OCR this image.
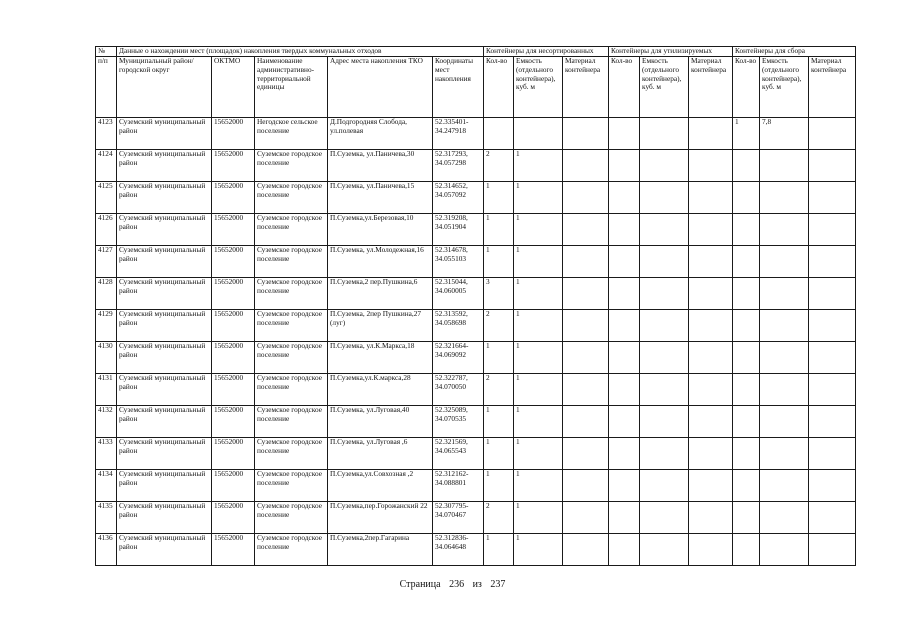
№	Данные о нахождении мест (площадок) накопления твердых коммунальных отходов					Контейнеры для несортированных			Контейнеры для утилизируемых			Контейнеры для сбора		
п/п	Муниципальный район/городской округ	ОКТМО	Наименование административно-территориальной единицы	Адрес места накопления ТКО	Координаты мест накопления	Кол-во	Емкость (отдельного контейнера), куб. м	Материал контейнера	Кол-во	Емкость (отдельного контейнера), куб. м	Материал контейнера	Кол-во	Емкость (отдельного контейнера), куб. м	Материал контейнера
4123	Суземский муниципальный район	15652000	Негодское сельское поселение	Д.Подгородняя Слобода, ул.полевая	52.335401-34.247918							1	7,8	
4124	Суземский муниципальный район	15652000	Суземское городское поселение	П.Суземка, ул.Паничева,30	52.317293, 34.057298	2	1							
4125	Суземский муниципальный район	15652000	Суземское городское поселение	П.Суземка, ул.Паничева,15	52.314652, 34.057092	1	1							
4126	Суземский муниципальный район	15652000	Суземское городское поселение	П.Суземка,ул.Березовая,10	52.319208, 34.051904	1	1							
4127	Суземский муниципальный район	15652000	Суземское городское поселение	П.Суземка, ул.Молодежная,16	52.314678, 34.055103	1	1							
4128	Суземский муниципальный район	15652000	Суземское городское поселение	П.Суземка,2 пер.Пушкина,6	52.315044, 34.060005	3	1							
4129	Суземский муниципальный район	15652000	Суземское городское поселение	П.Суземка, 2пер Пушкина,27 (луг)	52.313592, 34.058698	2	1							
4130	Суземский муниципальный район	15652000	Суземское городское поселение	П.Суземка, ул.К.Маркса,18	52.321664-34.069092	1	1							
4131	Суземский муниципальный район	15652000	Суземское городское поселение	П.Суземка,ул.К.маркса,28	52.322787, 34.070050	2	1							
4132	Суземский муниципальный район	15652000	Суземское городское поселение	П.Суземка, ул.Луговая,40	52.325089, 34.070535	1	1							
4133	Суземский муниципальный район	15652000	Суземское городское поселение	П.Суземка, ул.Луговая ,6	52.321569, 34.065543	1	1							
4134	Суземский муниципальный район	15652000	Суземское городское поселение	П.Суземка,ул.Совхозная ,2	52.312162-34.088801	1	1							
4135	Суземский муниципальный район	15652000	Суземское городское поселение	П.Суземка,пер.Горожанский 22	52.307795-34.070467	2	1							
4136	Суземский муниципальный район	15652000	Суземское городское поселение	П.Суземка,2пер.Гагарина	52.312836-34.064648	1	1							
Страница 236 из 237
